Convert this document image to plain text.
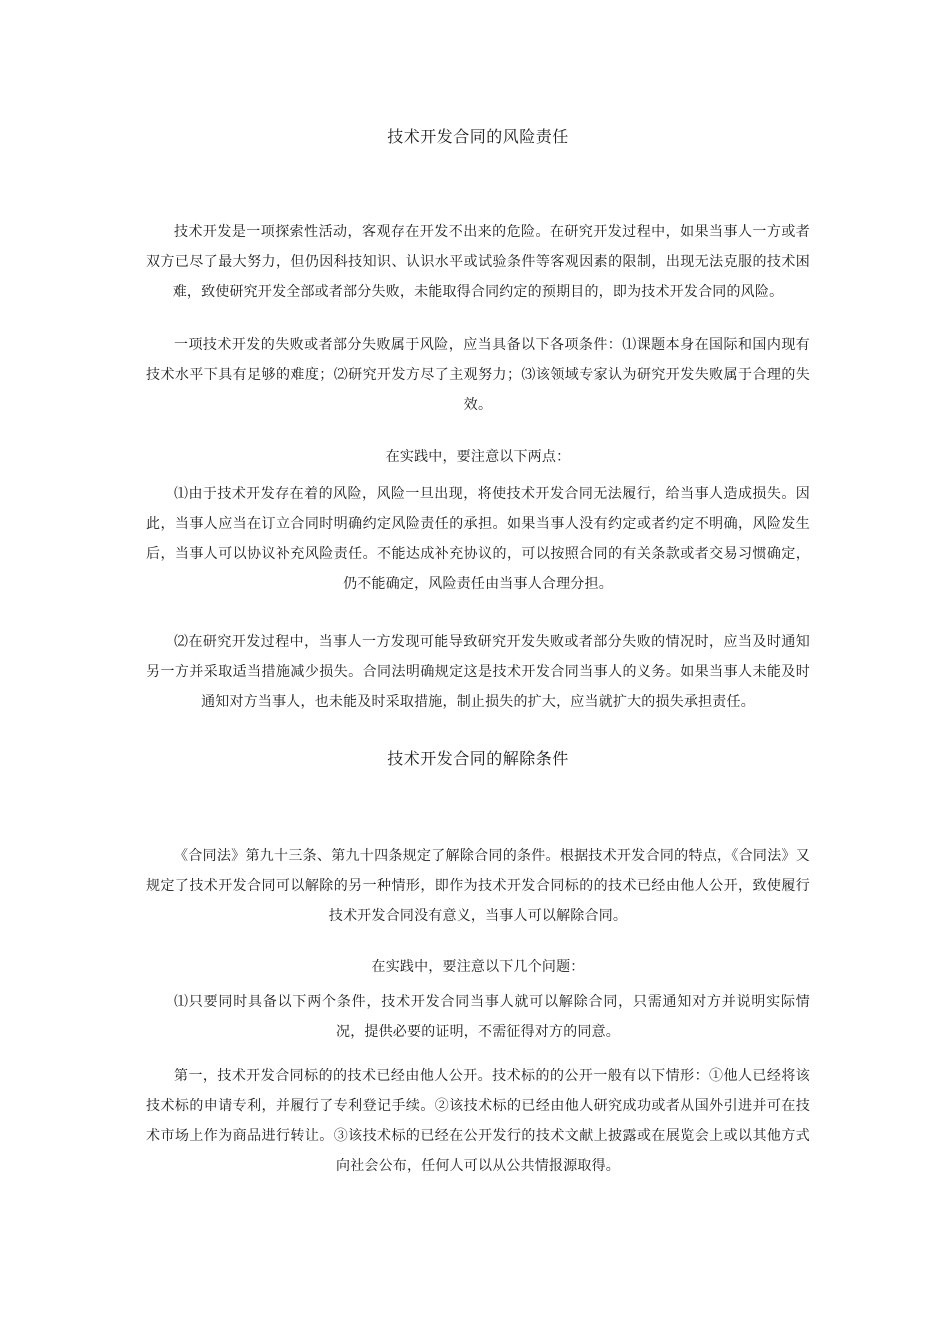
技术开发合同的风险责任

技术开发是一项探索性活动，客观存在开发不出来的危险。在研究开发过程中，如果当事人一方或者双方已尽了最大努力，但仍因科技知识、认识水平或试验条件等客观因素的限制，出现无法克服的技术困难，致使研究开发全部或者部分失败，未能取得合同约定的预期目的，即为技术开发合同的风险。

一项技术开发的失败或者部分失败属于风险，应当具备以下各项条件：⑴课题本身在国际和国内现有技术水平下具有足够的难度；⑵研究开发方尽了主观努力；⑶该领域专家认为研究开发失败属于合理的失效。

在实践中，要注意以下两点：

⑴由于技术开发存在着的风险，风险一旦出现，将使技术开发合同无法履行，给当事人造成损失。因此，当事人应当在订立合同时明确约定风险责任的承担。如果当事人没有约定或者约定不明确，风险发生后，当事人可以协议补充风险责任。不能达成补充协议的，可以按照合同的有关条款或者交易习惯确定，仍不能确定，风险责任由当事人合理分担。

⑵在研究开发过程中，当事人一方发现可能导致研究开发失败或者部分失败的情况时，应当及时通知另一方并采取适当措施减少损失。合同法明确规定这是技术开发合同当事人的义务。如果当事人未能及时通知对方当事人，也未能及时采取措施，制止损失的扩大，应当就扩大的损失承担责任。

技术开发合同的解除条件

《合同法》第九十三条、第九十四条规定了解除合同的条件。根据技术开发合同的特点，《合同法》又规定了技术开发合同可以解除的另一种情形，即作为技术开发合同标的的技术已经由他人公开，致使履行技术开发合同没有意义，当事人可以解除合同。

在实践中，要注意以下几个问题：

⑴只要同时具备以下两个条件，技术开发合同当事人就可以解除合同，只需通知对方并说明实际情况，提供必要的证明，不需征得对方的同意。

第一，技术开发合同标的的技术已经由他人公开。技术标的的公开一般有以下情形：①他人已经将该技术标的申请专利，并履行了专利登记手续。②该技术标的已经由他人研究成功或者从国外引进并可在技术市场上作为商品进行转让。③该技术标的已经在公开发行的技术文献上披露或在展览会上或以其他方式向社会公布，任何人可以从公共情报源取得。
